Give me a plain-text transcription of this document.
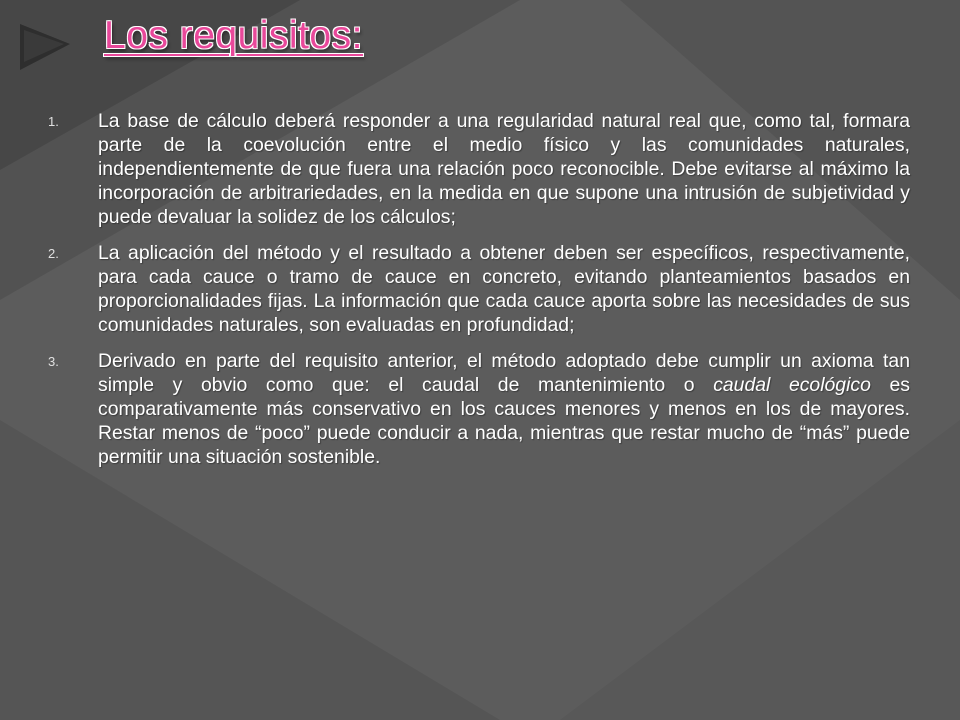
Los requisitos:
1. La base de cálculo deberá responder a una regularidad natural real que, como tal, formara parte de la coevolución entre el medio físico y las comunidades naturales, independientemente de que fuera una relación poco reconocible. Debe evitarse al máximo la incorporación de arbitrariedades, en la medida en que supone una intrusión de subjetividad y puede devaluar la solidez de los cálculos;
2. La aplicación del método y el resultado a obtener deben ser específicos, respectivamente, para cada cauce o tramo de cauce en concreto, evitando planteamientos basados en proporcionalidades fijas. La información que cada cauce aporta sobre las necesidades de sus comunidades naturales, son evaluadas en profundidad;
3. Derivado en parte del requisito anterior, el método adoptado debe cumplir un axioma tan simple y obvio como que: el caudal de mantenimiento o caudal ecológico es comparativamente más conservativo en los cauces menores y menos en los de mayores. Restar menos de “poco” puede conducir a nada, mientras que restar mucho de “más” puede permitir una situación sostenible.
